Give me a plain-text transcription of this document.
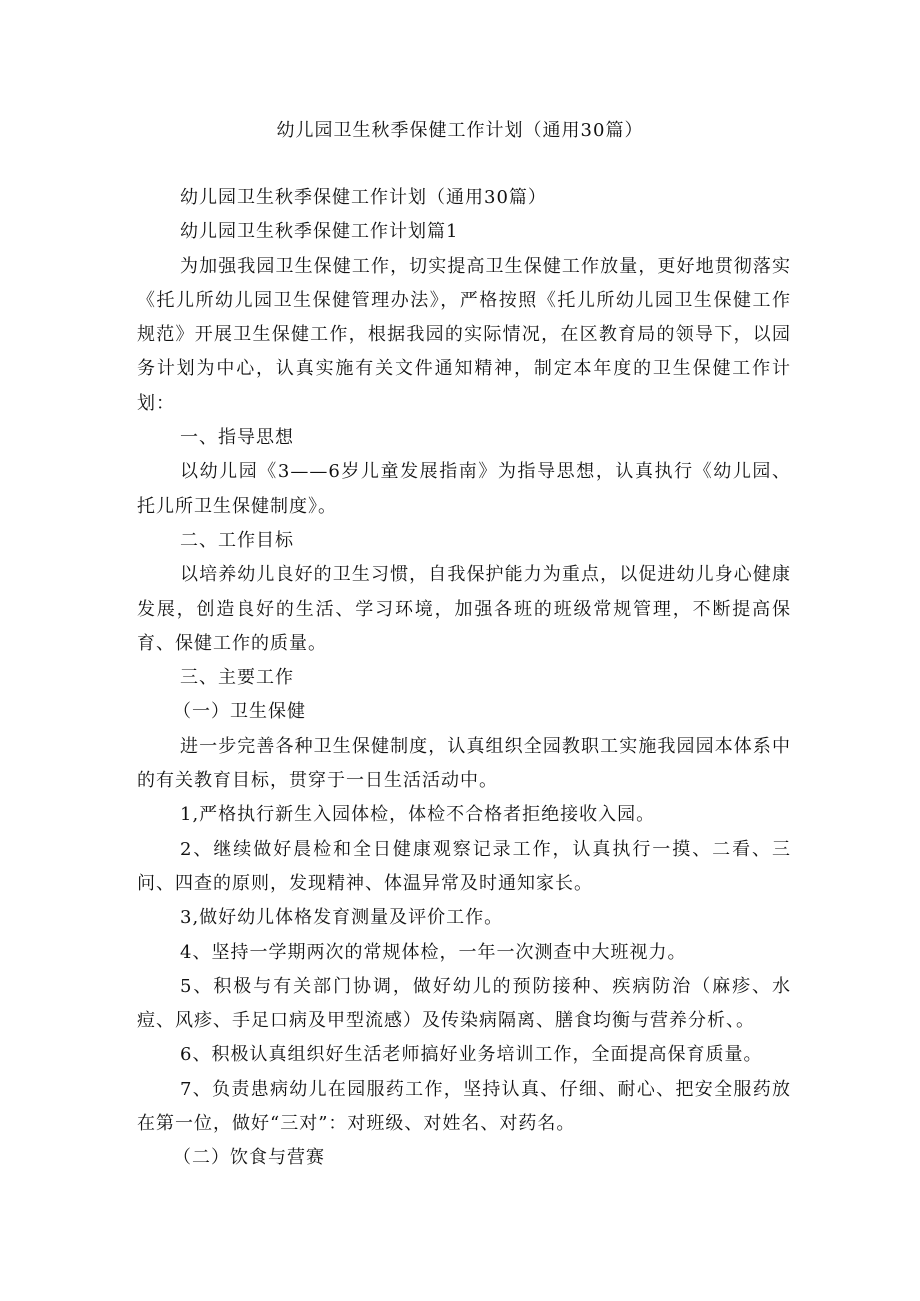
幼儿园卫生秋季保健工作计划（通用30篇）

幼儿园卫生秋季保健工作计划（通用30篇）

幼儿园卫生秋季保健工作计划篇1

为加强我园卫生保健工作，切实提高卫生保健工作放量，更好地贯彻落实《托儿所幼儿园卫生保健管理办法》，严格按照《托儿所幼儿园卫生保健工作规范》开展卫生保健工作，根据我园的实际情况，在区教育局的领导下，以园务计划为中心，认真实施有关文件通知精神，制定本年度的卫生保健工作计划：

一、指导思想

以幼儿园《3——6岁儿童发展指南》为指导思想，认真执行《幼儿园、托儿所卫生保健制度》。

二、工作目标

以培养幼儿良好的卫生习惯，自我保护能力为重点，以促进幼儿身心健康发展，创造良好的生活、学习环境，加强各班的班级常规管理，不断提高保育、保健工作的质量。

三、主要工作

（一）卫生保健

进一步完善各种卫生保健制度，认真组织全园教职工实施我园园本体系中的有关教育目标，贯穿于一日生活活动中。

1,严格执行新生入园体检，体检不合格者拒绝接收入园。

2、继续做好晨检和全日健康观察记录工作，认真执行一摸、二看、三问、四查的原则，发现精神、体温异常及时通知家长。

3,做好幼儿体格发育测量及评价工作。

4、坚持一学期两次的常规体检，一年一次测查中大班视力。

5、积极与有关部门协调，做好幼儿的预防接种、疾病防治（麻疹、水痘、风疹、手足口病及甲型流感）及传染病隔离、膳食均衡与营养分析、。

6、积极认真组织好生活老师搞好业务培训工作，全面提高保育质量。

7、负责患病幼儿在园服药工作，坚持认真、仔细、耐心、把安全服药放在第一位，做好“三对”：对班级、对姓名、对药名。

（二）饮食与营赛
